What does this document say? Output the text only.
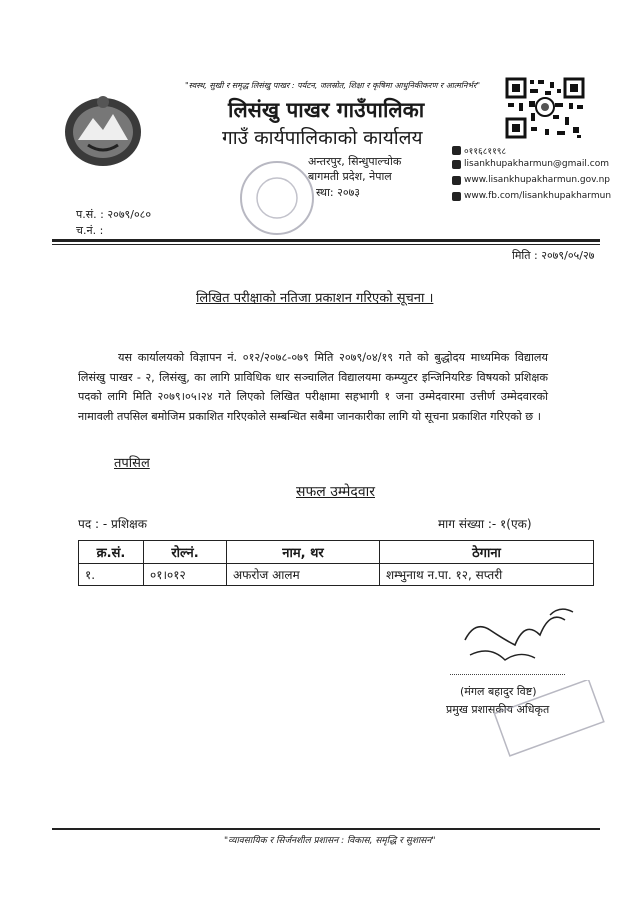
"स्वस्थ, सुखी र समृद्ध लिसंखु पाखर : पर्यटन, जलस्रोत, शिक्षा र कृषिमा आधुनिकीकरण र आत्मनिर्भर"
लिसंखु पाखर गाउँपालिका
गाउँ कार्यपालिकाको कार्यालय
अन्तरपुर, सिन्धुपाल्चोक
बागमती प्रदेश, नेपाल
स्था: २०७३
०११६८११९८
lisankhupakharmun@gmail.com
www.lisankhupakharmun.gov.np
www.fb.com/lisankhupakharmun
प.सं. : २०७९/०८०
च.नं. :
मिति : २०७९/०५/२७
लिखित परीक्षाको नतिजा प्रकाशन गरिएको सूचना ।
यस कार्यालयको विज्ञापन नं. ०१२/२०७८-०७९ मिति २०७९/०४/१९ गते को बुद्धोदय माध्यमिक विद्यालय लिसंखु पाखर - २, लिसंखु, का लागि प्राविधिक धार सञ्चालित विद्यालयमा कम्प्युटर इन्जिनियरिङ विषयको प्रशिक्षक पदको लागि मिति २०७९।०५।२४ गते लिएको लिखित परीक्षामा सहभागी १ जना उम्मेदवारमा उत्तीर्ण उम्मेदवारको नामावली तपसिल बमोजिम प्रकाशित गरिएकोले सम्बन्धित सबैमा जानकारीका लागि यो सूचना प्रकाशित गरिएको छ ।
तपसिल
सफल उम्मेदवार
पद : - प्रशिक्षक	माग संख्या :- १(एक)
क्र.सं.	रोल्नं.	नाम, थर	ठेगाना
१.	०१।०१२	अफरोज आलम	शम्भुनाथ न.पा. १२, सप्तरी
(मंगल बहादुर विष्ट)
प्रमुख प्रशासकीय अधिकृत
"व्यावसायिक र सिर्जनशील प्रशासन : विकास, समृद्धि र सुशासन"
